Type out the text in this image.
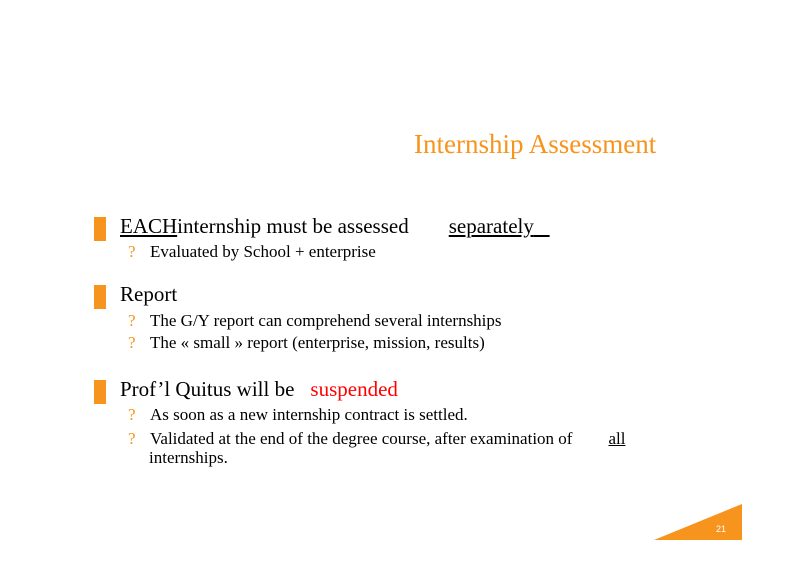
Internship Assessment
EACHinternship must be assessed separately
? Evaluated by School + enterprise
Report
? The G/Y report can comprehend several internships
? The « small » report (enterprise, mission, results)
Prof’l Quitus will be suspended
? As soon as a new internship contract is settled.
? Validated at the end of the degree course, after examination of all
internships.
21
